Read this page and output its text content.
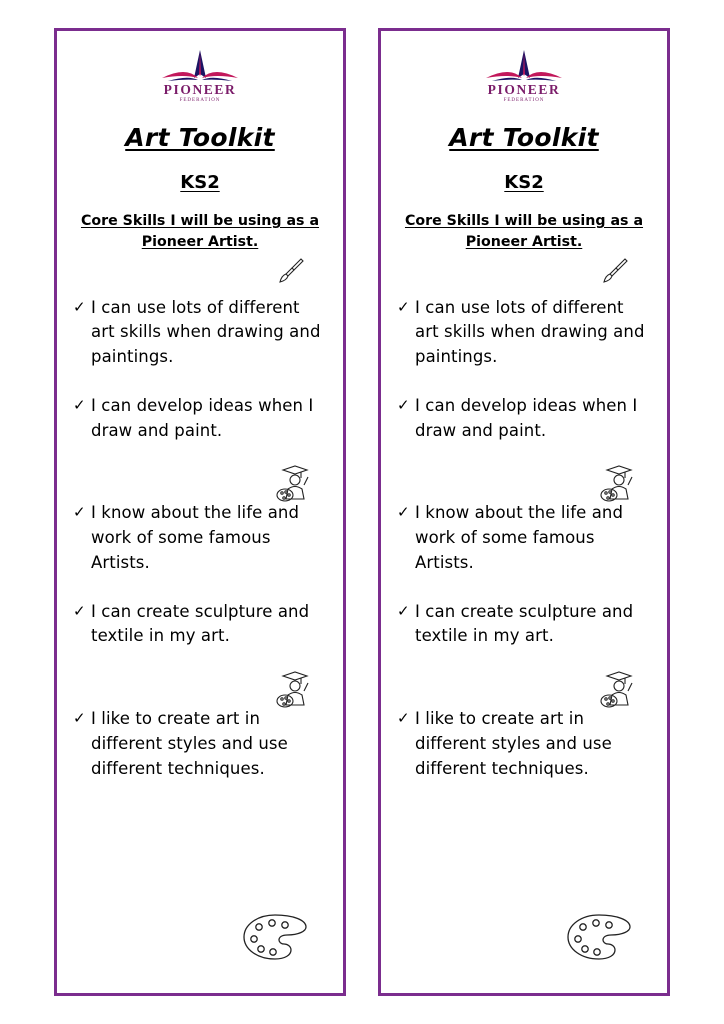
PIONEER
FEDERATION
Art Toolkit
KS2
Core Skills I will be using as a Pioneer Artist.
✓ I can use lots of different art skills when drawing and paintings.
✓ I can develop ideas when I draw and paint.
✓ I know about the life and work of some famous Artists.
✓ I can create sculpture and textile in my art.
✓ I like to create art in different styles and use different techniques.
PIONEER
FEDERATION
Art Toolkit
KS2
Core Skills I will be using as a Pioneer Artist.
✓ I can use lots of different art skills when drawing and paintings.
✓ I can develop ideas when I draw and paint.
✓ I know about the life and work of some famous Artists.
✓ I can create sculpture and textile in my art.
✓ I like to create art in different styles and use different techniques.
